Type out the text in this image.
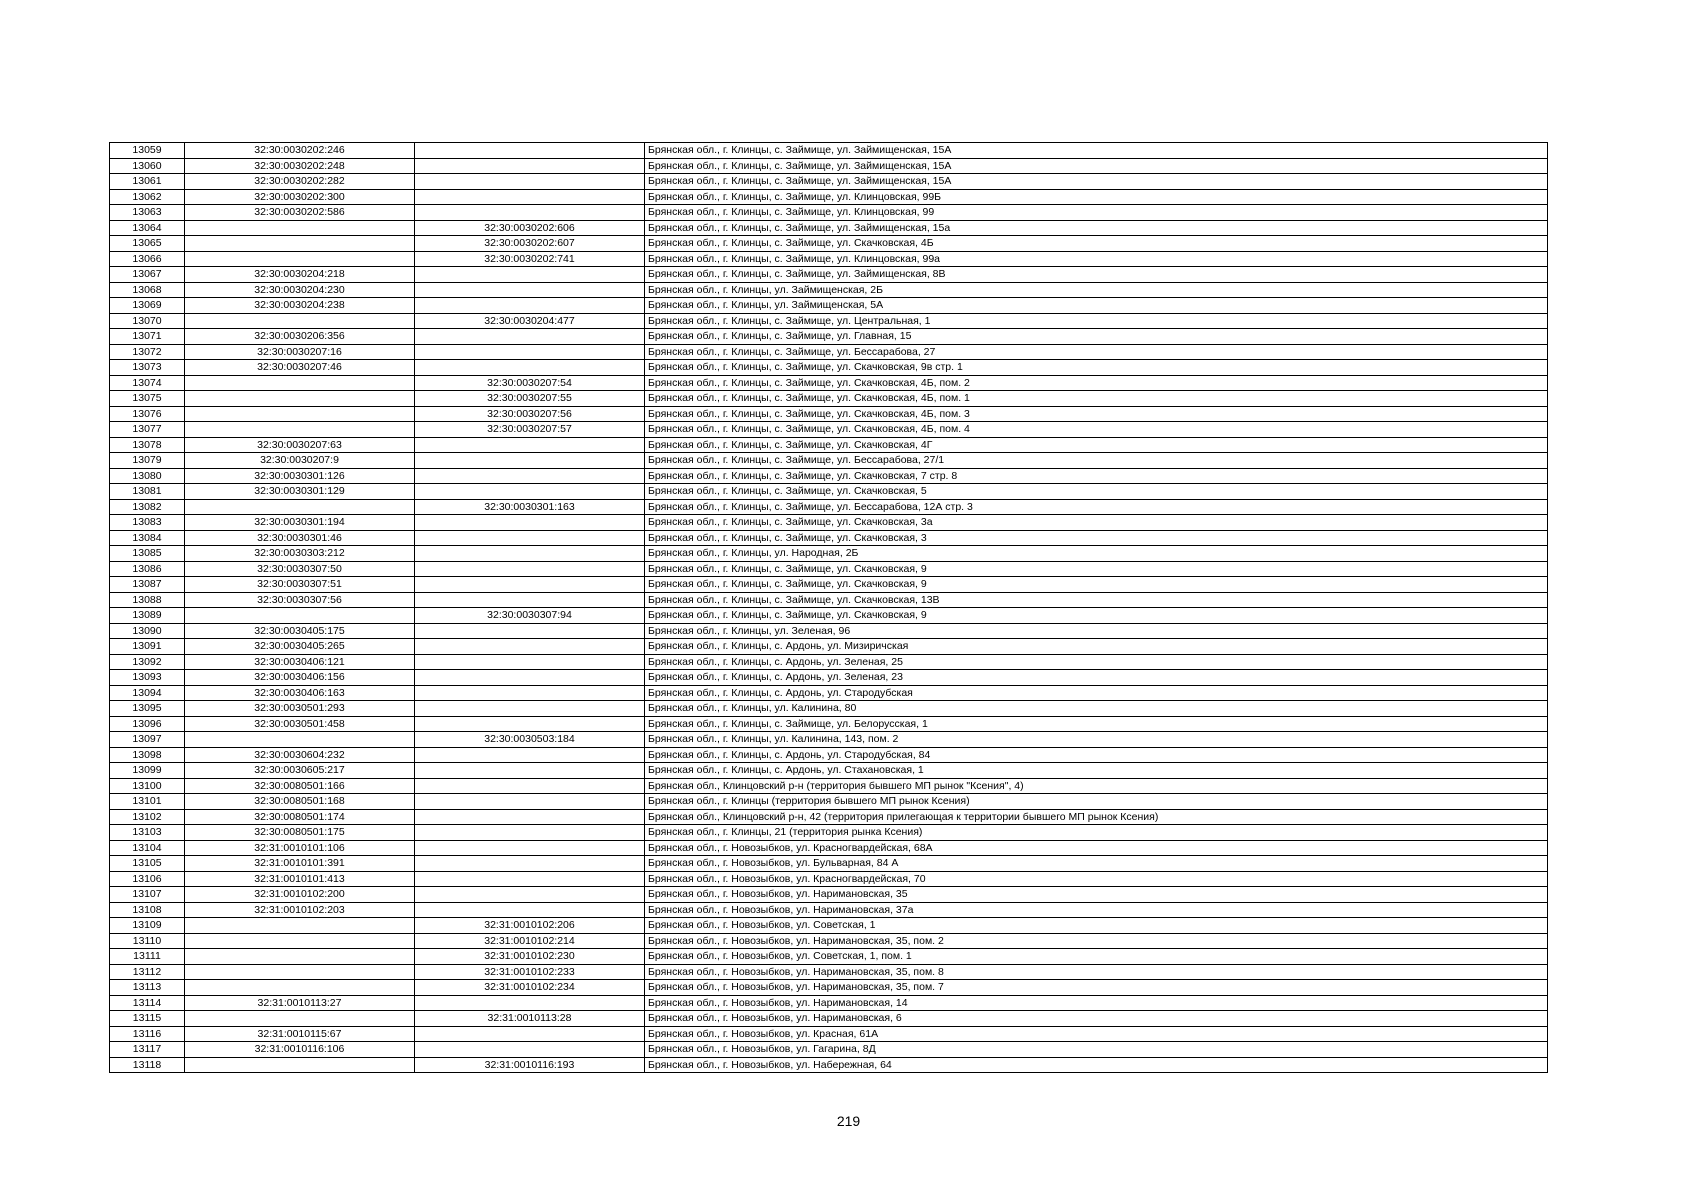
13059	32:30:0030202:246		Брянская обл., г. Клинцы, с. Займище, ул. Займищенская, 15А
13060	32:30:0030202:248		Брянская обл., г. Клинцы, с. Займище, ул. Займищенская, 15А
13061	32:30:0030202:282		Брянская обл., г. Клинцы, с. Займище, ул. Займищенская, 15А
13062	32:30:0030202:300		Брянская обл., г. Клинцы, с. Займище, ул. Клинцовская, 99Б
13063	32:30:0030202:586		Брянская обл., г. Клинцы, с. Займище, ул. Клинцовская, 99
13064		32:30:0030202:606	Брянская обл., г. Клинцы, с. Займище, ул. Займищенская, 15а
13065		32:30:0030202:607	Брянская обл., г. Клинцы, с. Займище, ул. Скачковская, 4Б
13066		32:30:0030202:741	Брянская обл., г. Клинцы, с. Займище, ул. Клинцовская, 99а
13067	32:30:0030204:218		Брянская обл., г. Клинцы, с. Займище, ул. Займищенская, 8В
13068	32:30:0030204:230		Брянская обл., г. Клинцы, ул. Займищенская, 2Б
13069	32:30:0030204:238		Брянская обл., г. Клинцы, ул. Займищенская, 5А
13070		32:30:0030204:477	Брянская обл., г. Клинцы, с. Займище, ул. Центральная, 1
13071	32:30:0030206:356		Брянская обл., г. Клинцы, с. Займище, ул. Главная, 15
13072	32:30:0030207:16		Брянская обл., г. Клинцы, с. Займище, ул. Бессарабова, 27
13073	32:30:0030207:46		Брянская обл., г. Клинцы, с. Займище, ул. Скачковская, 9в стр. 1
13074		32:30:0030207:54	Брянская обл., г. Клинцы, с. Займище, ул. Скачковская, 4Б, пом. 2
13075		32:30:0030207:55	Брянская обл., г. Клинцы, с. Займище, ул. Скачковская, 4Б, пом. 1
13076		32:30:0030207:56	Брянская обл., г. Клинцы, с. Займище, ул. Скачковская, 4Б, пом. 3
13077		32:30:0030207:57	Брянская обл., г. Клинцы, с. Займище, ул. Скачковская, 4Б, пом. 4
13078	32:30:0030207:63		Брянская обл., г. Клинцы, с. Займище, ул. Скачковская, 4Г
13079	32:30:0030207:9		Брянская обл., г. Клинцы, с. Займище, ул. Бессарабова, 27/1
13080	32:30:0030301:126		Брянская обл., г. Клинцы, с. Займище, ул. Скачковская, 7 стр. 8
13081	32:30:0030301:129		Брянская обл., г. Клинцы, с. Займище, ул. Скачковская, 5
13082		32:30:0030301:163	Брянская обл., г. Клинцы, с. Займище, ул. Бессарабова, 12А стр. 3
13083	32:30:0030301:194		Брянская обл., г. Клинцы, с. Займище, ул. Скачковская, 3а
13084	32:30:0030301:46		Брянская обл., г. Клинцы, с. Займище, ул. Скачковская, 3
13085	32:30:0030303:212		Брянская обл., г. Клинцы, ул. Народная, 2Б
13086	32:30:0030307:50		Брянская обл., г. Клинцы, с. Займище, ул. Скачковская, 9
13087	32:30:0030307:51		Брянская обл., г. Клинцы, с. Займище, ул. Скачковская, 9
13088	32:30:0030307:56		Брянская обл., г. Клинцы, с. Займище, ул. Скачковская, 13В
13089		32:30:0030307:94	Брянская обл., г. Клинцы, с. Займище, ул. Скачковская, 9
13090	32:30:0030405:175		Брянская обл., г. Клинцы, ул. Зеленая, 96
13091	32:30:0030405:265		Брянская обл., г. Клинцы, с. Ардонь, ул. Мизиричская
13092	32:30:0030406:121		Брянская обл., г. Клинцы, с. Ардонь, ул. Зеленая, 25
13093	32:30:0030406:156		Брянская обл., г. Клинцы, с. Ардонь, ул. Зеленая, 23
13094	32:30:0030406:163		Брянская обл., г. Клинцы, с. Ардонь, ул. Стародубская
13095	32:30:0030501:293		Брянская обл., г. Клинцы, ул. Калинина, 80
13096	32:30:0030501:458		Брянская обл., г. Клинцы, с. Займище, ул. Белорусская, 1
13097		32:30:0030503:184	Брянская обл., г. Клинцы, ул. Калинина, 143, пом. 2
13098	32:30:0030604:232		Брянская обл., г. Клинцы, с. Ардонь, ул. Стародубская, 84
13099	32:30:0030605:217		Брянская обл., г. Клинцы, с. Ардонь, ул. Стахановская, 1
13100	32:30:0080501:166		Брянская обл., Клинцовский р-н (территория бывшего МП рынок "Ксения", 4)
13101	32:30:0080501:168		Брянская обл., г. Клинцы (территория бывшего МП рынок Ксения)
13102	32:30:0080501:174		Брянская обл., Клинцовский р-н, 42 (территория прилегающая к территории бывшего МП рынок Ксения)
13103	32:30:0080501:175		Брянская обл., г. Клинцы, 21 (территория рынка Ксения)
13104	32:31:0010101:106		Брянская обл., г. Новозыбков, ул. Красногвардейская, 68А
13105	32:31:0010101:391		Брянская обл., г. Новозыбков, ул. Бульварная, 84 А
13106	32:31:0010101:413		Брянская обл., г. Новозыбков, ул. Красногвардейская, 70
13107	32:31:0010102:200		Брянская обл., г. Новозыбков, ул. Наримановская, 35
13108	32:31:0010102:203		Брянская обл., г. Новозыбков, ул. Наримановская, 37а
13109		32:31:0010102:206	Брянская обл., г. Новозыбков, ул. Советская, 1
13110		32:31:0010102:214	Брянская обл., г. Новозыбков, ул. Наримановская, 35, пом. 2
13111		32:31:0010102:230	Брянская обл., г. Новозыбков, ул. Советская, 1, пом. 1
13112		32:31:0010102:233	Брянская обл., г. Новозыбков, ул. Наримановская, 35, пом. 8
13113		32:31:0010102:234	Брянская обл., г. Новозыбков, ул. Наримановская, 35, пом. 7
13114	32:31:0010113:27		Брянская обл., г. Новозыбков, ул. Наримановская, 14
13115		32:31:0010113:28	Брянская обл., г. Новозыбков, ул. Наримановская, 6
13116	32:31:0010115:67		Брянская обл., г. Новозыбков, ул. Красная, 61А
13117	32:31:0010116:106		Брянская обл., г. Новозыбков, ул. Гагарина, 8Д
13118		32:31:0010116:193	Брянская обл., г. Новозыбков, ул. Набережная, 64
219
